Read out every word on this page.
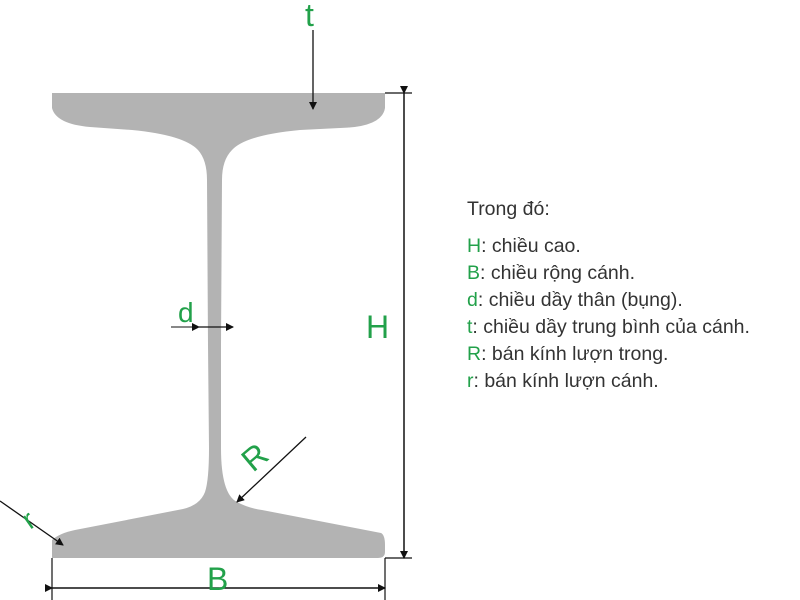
t
H
d
B
R
r
Trong đó:
H: chiều cao.
B: chiều rộng cánh.
d: chiều dầy thân (bụng).
t: chiều dầy trung bình của cánh.
R: bán kính lượn trong.
r: bán kính lượn cánh.
